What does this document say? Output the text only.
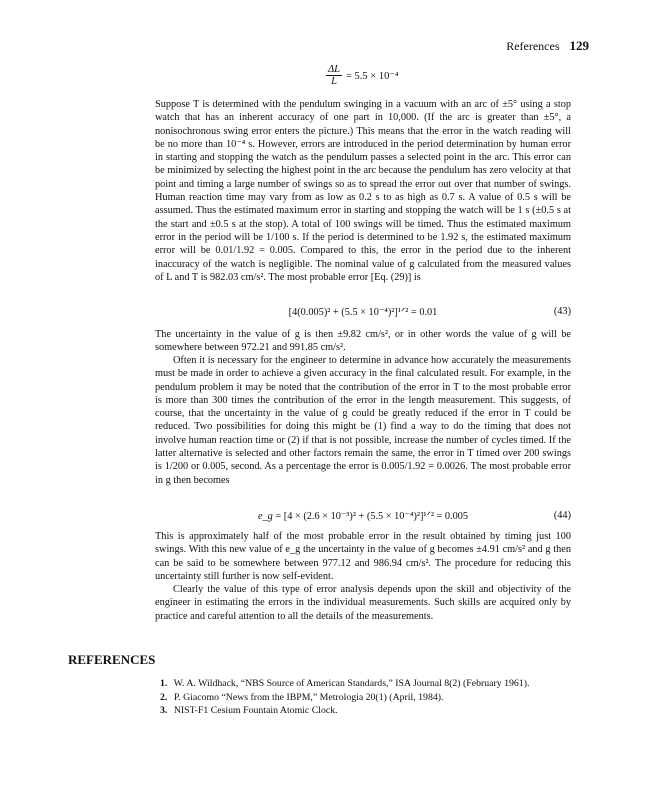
References 129
$\frac{\Delta L}{L} = 5.5 \times 10^{-4}$

Suppose T is determined with the pendulum swinging in a vacuum with an arc of ±5° using a stop watch that has an inherent accuracy of one part in 10,000. (If the arc is greater than ±5°, a nonisochronous swing error enters the picture.) This means that the error in the watch reading will be no more than 10⁻⁴ s. However, errors are introduced in the period determination by human error in starting and stopping the watch as the pendulum passes a selected point in the arc. This error can be minimized by selecting the highest point in the arc because the pendulum has zero velocity at that point and timing a large number of swings so as to spread the error out over that number of swings. Human reaction time may vary from as low as 0.2 s to as high as 0.7 s. A value of 0.5 s will be assumed. Thus the estimated maximum error in starting and stopping the watch will be 1 s (±0.5 s at the start and ±0.5 s at the stop). A total of 100 swings will be timed. Thus the estimated maximum error in the period will be 1/100 s. If the period is determined to be 1.92 s, the estimated maximum error will be 0.01/1.92 = 0.005. Compared to this, the error in the period due to the inherent inaccuracy of the watch is negligible. The nominal value of g calculated from the measured values of L and T is 982.03 cm/s². The most probable error [Eq. (29)] is

[4(0.005)² + (5.5 × 10⁻⁴)²]¹ᐟ² = 0.01	(43)

The uncertainty in the value of g is then ±9.82 cm/s², or in other words the value of g will be somewhere between 972.21 and 991.85 cm/s².

Often it is necessary for the engineer to determine in advance how accurately the measurements must be made in order to achieve a given accuracy in the final calculated result. For example, in the pendulum problem it may be noted that the contribution of the error in T to the most probable error is more than 300 times the contribution of the error in the length measurement. This suggests, of course, that the uncertainty in the value of g could be greatly reduced if the error in T could be reduced. Two possibilities for doing this might be (1) find a way to do the timing that does not involve human reaction time or (2) if that is not possible, increase the number of cycles timed. If the latter alternative is selected and other factors remain the same, the error in T timed over 200 swings is 1/200 or 0.005, second. As a percentage the error is 0.005/1.92 = 0.0026. The most probable error in g then becomes

e_g = [4 × (2.6 × 10⁻³)² + (5.5 × 10⁻⁴)²]¹ᐟ² = 0.005	(44)

This is approximately half of the most probable error in the result obtained by timing just 100 swings. With this new value of e_g the uncertainty in the value of g becomes ±4.91 cm/s² and g then can be said to be somewhere between 977.12 and 986.94 cm/s². The procedure for reducing this uncertainty still further is now self-evident.

Clearly the value of this type of error analysis depends upon the skill and objectivity of the engineer in estimating the errors in the individual measurements. Such skills are acquired only by practice and careful attention to all the details of the measurements.

REFERENCES
1. W. A. Wildhack, “NBS Source of American Standards,” ISA Journal 8(2) (February 1961).
2. P. Giacomo “News from the IBPM,” Metrologia 20(1) (April, 1984).
3. NIST-F1 Cesium Fountain Atomic Clock.
